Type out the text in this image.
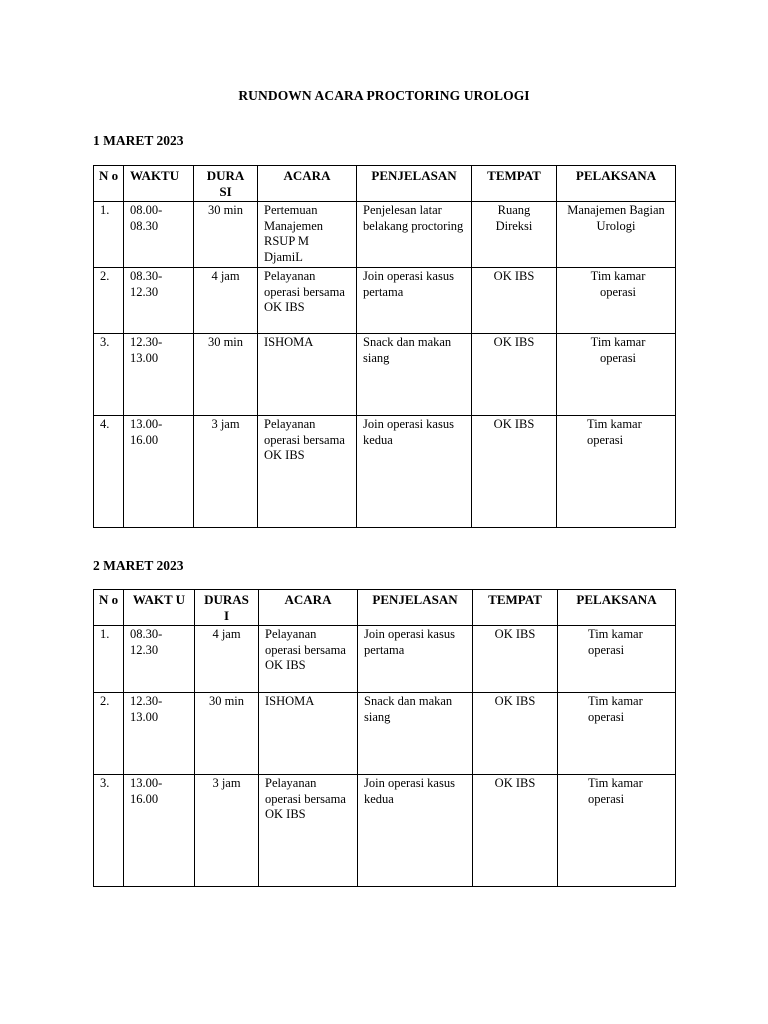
RUNDOWN ACARA PROCTORING UROLOGI
1 MARET 2023
N o	WAKTU	DURA SI	ACARA	PENJELASAN	TEMPAT	PELAKSANA
1.	08.00- 08.30	30 min	Pertemuan Manajemen RSUP M DjamiL	Penjelesan latar belakang proctoring	Ruang Direksi	Manajemen Bagian Urologi
2.	08.30- 12.30	4 jam	Pelayanan operasi bersama OK IBS	Join operasi kasus pertama	OK IBS	Tim kamar operasi
3.	12.30- 13.00	30 min	ISHOMA	Snack dan makan siang	OK IBS	Tim kamar operasi
4.	13.00- 16.00	3 jam	Pelayanan operasi bersama OK IBS	Join operasi kasus kedua	OK IBS	Tim kamar operasi
2 MARET 2023
N o	WAKT U	DURAS I	ACARA	PENJELASAN	TEMPAT	PELAKSANA
1.	08.30- 12.30	4 jam	Pelayanan operasi bersama OK IBS	Join operasi kasus pertama	OK IBS	Tim kamar operasi
2.	12.30- 13.00	30 min	ISHOMA	Snack dan makan siang	OK IBS	Tim kamar operasi
3.	13.00- 16.00	3 jam	Pelayanan operasi bersama OK IBS	Join operasi kasus kedua	OK IBS	Tim kamar operasi
